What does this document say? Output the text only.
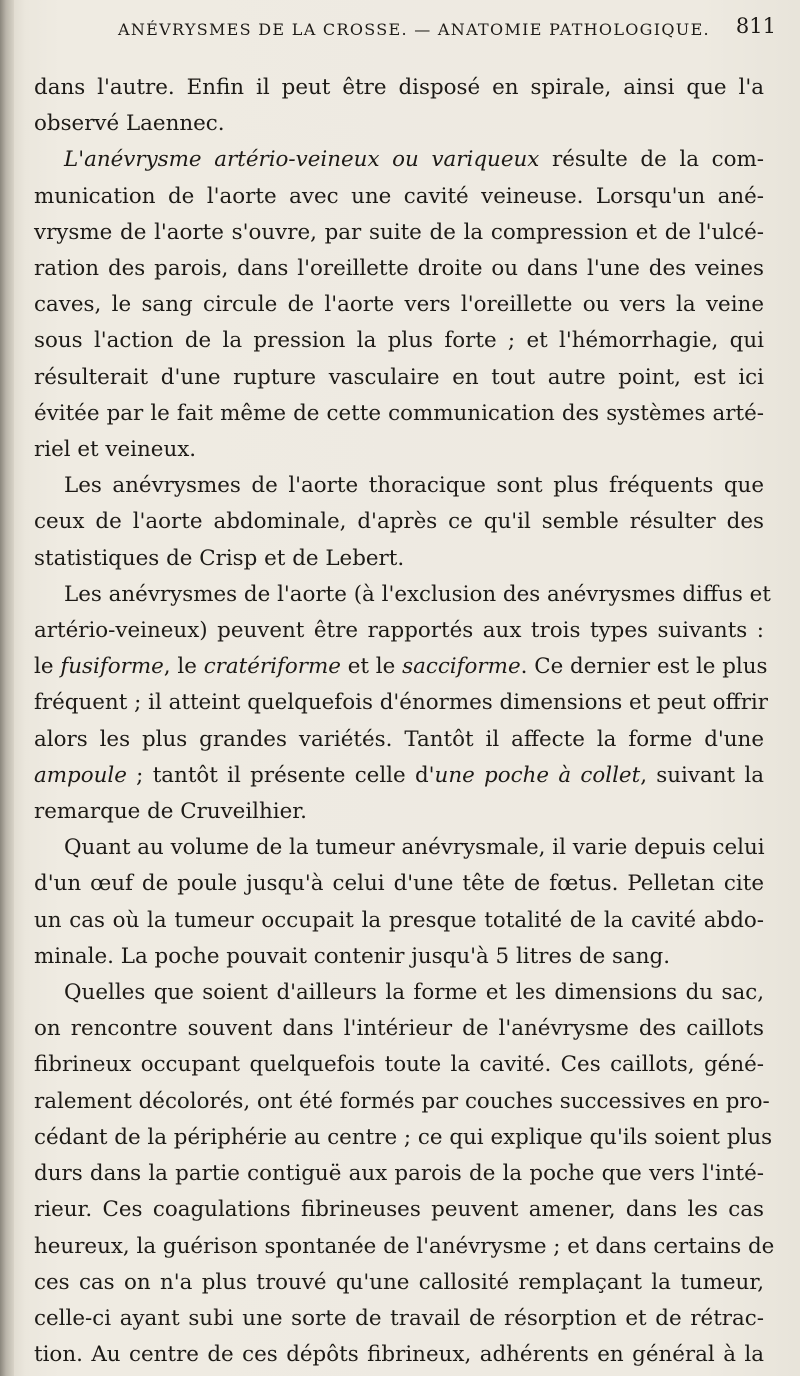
ANÉVRYSMES DE LA CROSSE. — ANATOMIE PATHOLOGIQUE. 811

dans l'autre. Enfin il peut être disposé en spirale, ainsi que l'a

observé Laennec.

L'anévrysme artério-veineux ou variqueux résulte de la com-

munication de l'aorte avec une cavité veineuse. Lorsqu'un ané-

vrysme de l'aorte s'ouvre, par suite de la compression et de l'ulcé-

ration des parois, dans l'oreillette droite ou dans l'une des veines

caves, le sang circule de l'aorte vers l'oreillette ou vers la veine

sous l'action de la pression la plus forte ; et l'hémorrhagie, qui

résulterait d'une rupture vasculaire en tout autre point, est ici

évitée par le fait même de cette communication des systèmes arté-

riel et veineux.

Les anévrysmes de l'aorte thoracique sont plus fréquents que

ceux de l'aorte abdominale, d'après ce qu'il semble résulter des

statistiques de Crisp et de Lebert.

Les anévrysmes de l'aorte (à l'exclusion des anévrysmes diffus et

artério-veineux) peuvent être rapportés aux trois types suivants :

le fusiforme, le cratériforme et le sacciforme. Ce dernier est le plus

fréquent ; il atteint quelquefois d'énormes dimensions et peut offrir

alors les plus grandes variétés. Tantôt il affecte la forme d'une

ampoule ; tantôt il présente celle d'une poche à collet, suivant la

remarque de Cruveilhier.

Quant au volume de la tumeur anévrysmale, il varie depuis celui

d'un œuf de poule jusqu'à celui d'une tête de fœtus. Pelletan cite

un cas où la tumeur occupait la presque totalité de la cavité abdo-

minale. La poche pouvait contenir jusqu'à 5 litres de sang.

Quelles que soient d'ailleurs la forme et les dimensions du sac,

on rencontre souvent dans l'intérieur de l'anévrysme des caillots

fibrineux occupant quelquefois toute la cavité. Ces caillots, géné-

ralement décolorés, ont été formés par couches successives en pro-

cédant de la périphérie au centre ; ce qui explique qu'ils soient plus

durs dans la partie contiguë aux parois de la poche que vers l'inté-

rieur. Ces coagulations fibrineuses peuvent amener, dans les cas

heureux, la guérison spontanée de l'anévrysme ; et dans certains de

ces cas on n'a plus trouvé qu'une callosité remplaçant la tumeur,

celle-ci ayant subi une sorte de travail de résorption et de rétrac-

tion. Au centre de ces dépôts fibrineux, adhérents en général à la
